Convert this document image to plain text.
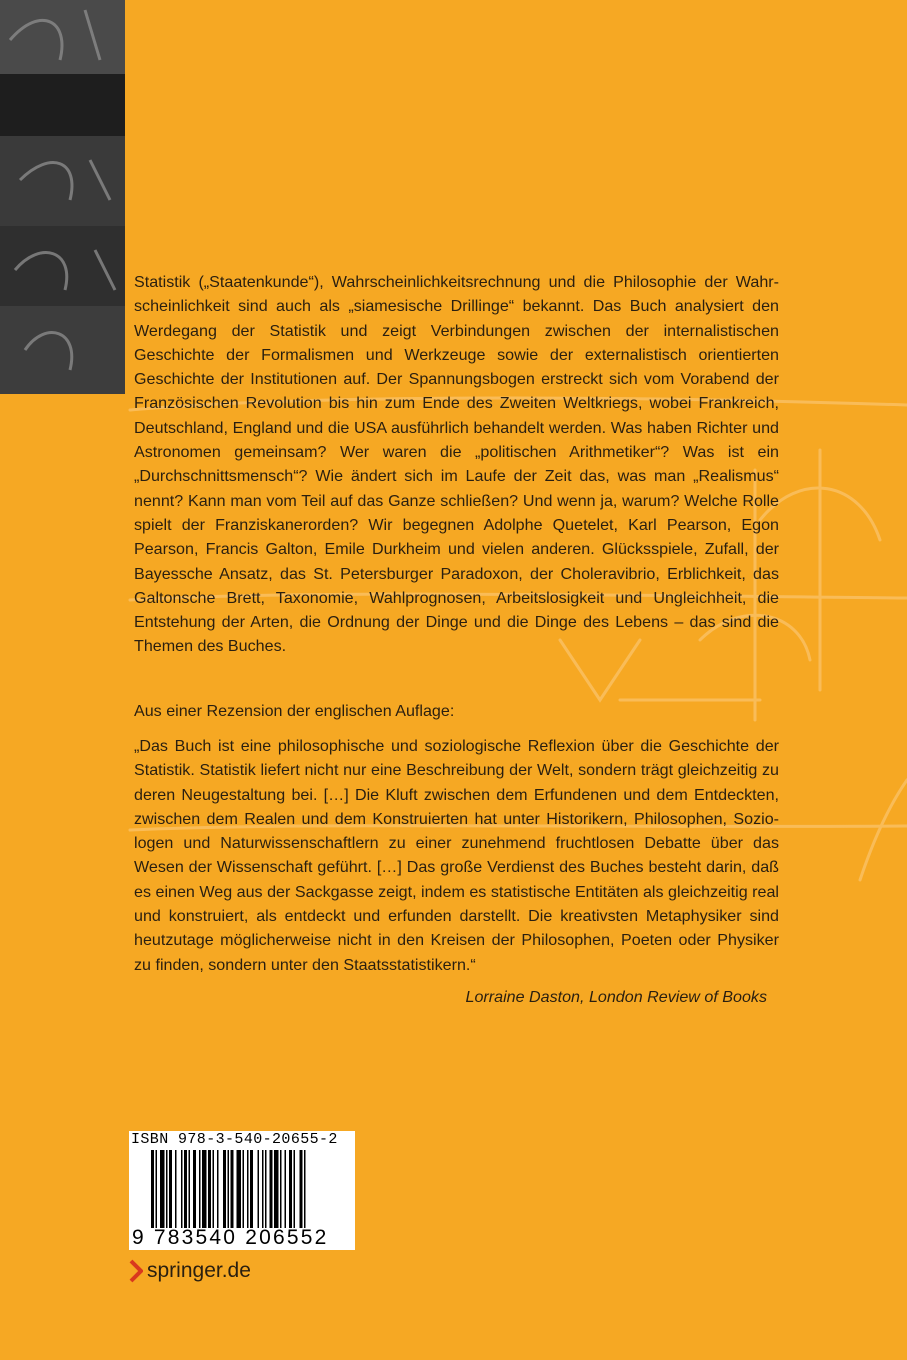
Statistik („Staatenkunde“), Wahrscheinlichkeitsrechnung und die Philosophie der Wahrscheinlichkeit sind auch als „siamesische Drillinge“ bekannt. Das Buch analysiert den Werdegang der Statistik und zeigt Verbindungen zwischen der internalistischen Geschichte der Formalismen und Werkzeuge sowie der externalistisch orientierten Geschichte der Institutionen auf. Der Spannungsbogen erstreckt sich vom Vorabend der Französischen Revolution bis hin zum Ende des Zweiten Weltkriegs, wobei Frankreich, Deutschland, England und die USA ausführlich behandelt werden. Was haben Richter und Astronomen gemeinsam? Wer waren die „politischen Arithmetiker“? Was ist ein „Durchschnittsmensch“? Wie ändert sich im Laufe der Zeit das, was man „Realismus“ nennt? Kann man vom Teil auf das Ganze schließen? Und wenn ja, warum? Welche Rolle spielt der Franziskanerorden? Wir begegnen Adolphe Quetelet, Karl Pearson, Egon Pearson, Francis Galton, Emile Durkheim und vielen anderen. Glücksspiele, Zufall, der Bayessche Ansatz, das St. Petersburger Paradoxon, der Choleravibrio, Erblichkeit, das Galtonsche Brett, Taxonomie, Wahlprognosen, Arbeitslosigkeit und Ungleichheit, die Entstehung der Arten, die Ordnung der Dinge und die Dinge des Lebens – das sind die Themen des Buches.

Aus einer Rezension der englischen Auflage:

„Das Buch ist eine philosophische und soziologische Reflexion über die Geschichte der Statistik. Statistik liefert nicht nur eine Beschreibung der Welt, sondern trägt gleichzeitig zu deren Neugestaltung bei. […] Die Kluft zwischen dem Erfundenen und dem Entdeckten, zwischen dem Realen und dem Konstruierten hat unter Historikern, Philosophen, Soziologen und Naturwissenschaftlern zu einer zunehmend fruchtlosen Debatte über das Wesen der Wissenschaft geführt. […] Das große Verdienst des Buches besteht darin, daß es einen Weg aus der Sackgasse zeigt, indem es statistische Entitäten als gleichzeitig real und konstruiert, als entdeckt und erfunden darstellt. Die kreativsten Metaphysiker sind heutzutage möglicherweise nicht in den Kreisen der Philosophen, Poeten oder Physiker zu finden, sondern unter den Staatsstatistikern.“

Lorraine Daston, London Review of Books
ISBN 978-3-540-20655-2
9 783540 206552
springer.de
